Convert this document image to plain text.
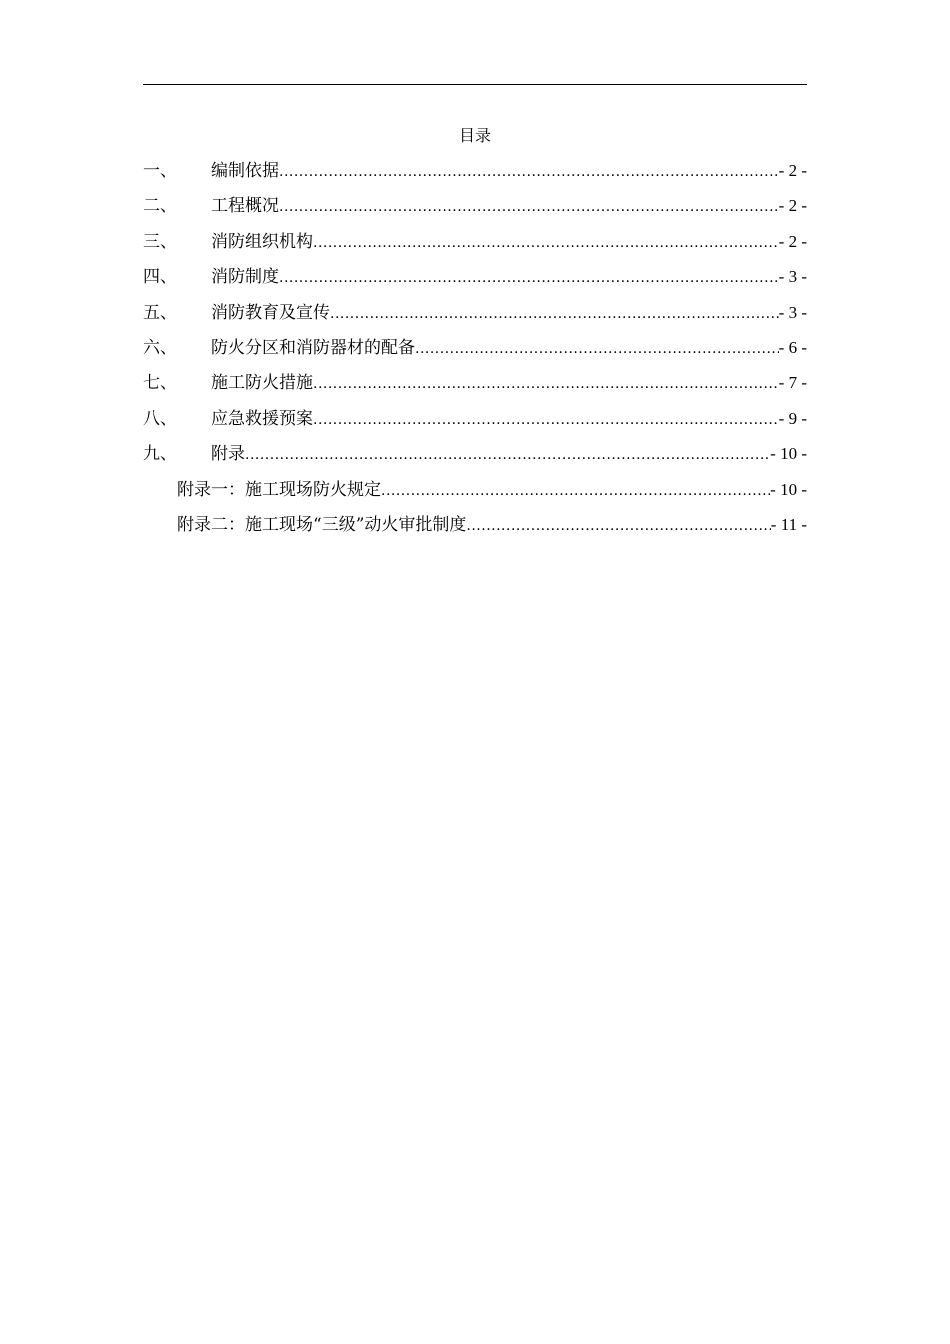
目录
一、	编制依据 .....	- 2 -
二、	工程概况 .....	- 2 -
三、	消防组织机构 .....	- 2 -
四、	消防制度 .....	- 3 -
五、	消防教育及宣传 .....	- 3 -
六、	防火分区和消防器材的配备 .....	- 6 -
七、	施工防火措施 .....	- 7 -
八、	应急救援预案 .....	- 9 -
九、	附录 .....	- 10 -
附录一：施工现场防火规定 .....	- 10 -
附录二：施工现场“三级”动火审批制度 .....	- 11 -
